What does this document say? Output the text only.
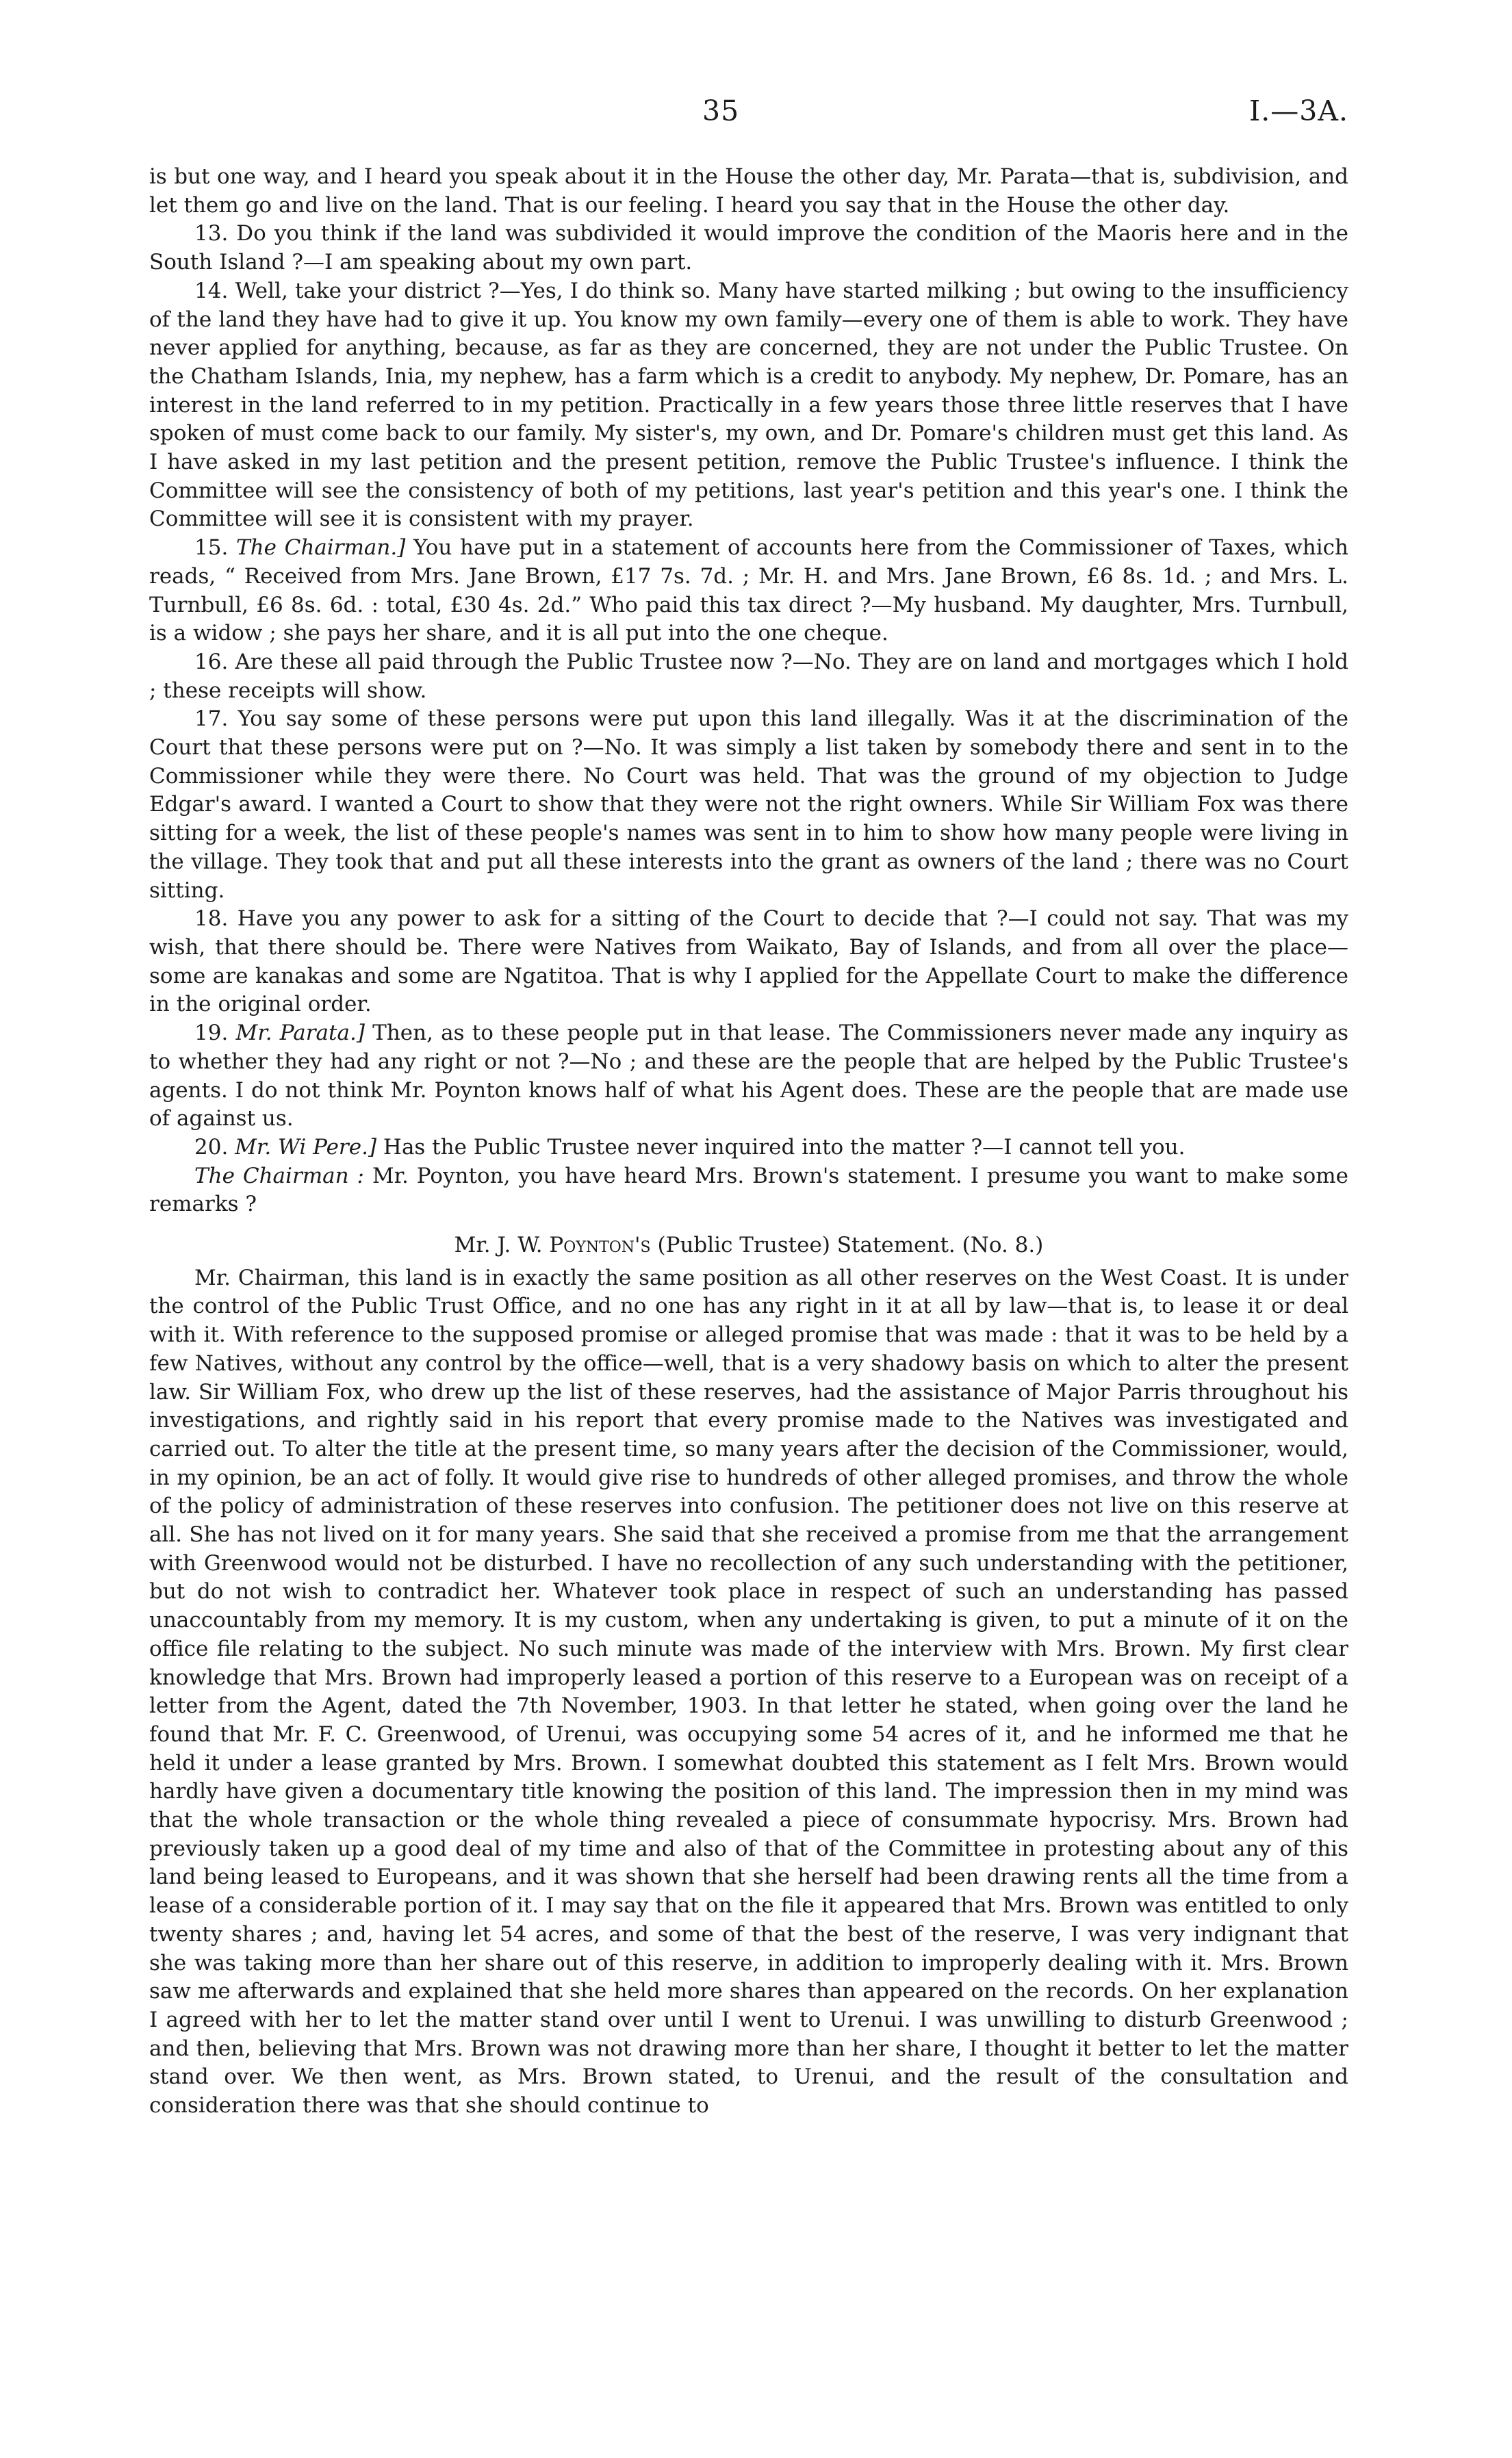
35	I.—3A.

is but one way, and I heard you speak about it in the House the other day, Mr. Parata—that is, subdivision, and let them go and live on the land. That is our feeling. I heard you say that in the House the other day.

13. Do you think if the land was subdivided it would improve the condition of the Maoris here and in the South Island ?—I am speaking about my own part.

14. Well, take your district ?—Yes, I do think so. Many have started milking ; but owing to the insufficiency of the land they have had to give it up. You know my own family—every one of them is able to work. They have never applied for anything, because, as far as they are concerned, they are not under the Public Trustee. On the Chatham Islands, Inia, my nephew, has a farm which is a credit to anybody. My nephew, Dr. Pomare, has an interest in the land referred to in my petition. Practically in a few years those three little reserves that I have spoken of must come back to our family. My sister's, my own, and Dr. Pomare's children must get this land. As I have asked in my last petition and the present petition, remove the Public Trustee's influence. I think the Committee will see the consistency of both of my petitions, last year's petition and this year's one. I think the Committee will see it is consistent with my prayer.

15. The Chairman.] You have put in a statement of accounts here from the Commissioner of Taxes, which reads, “ Received from Mrs. Jane Brown, £17 7s. 7d. ; Mr. H. and Mrs. Jane Brown, £6 8s. 1d. ; and Mrs. L. Turnbull, £6 8s. 6d. : total, £30 4s. 2d.” Who paid this tax direct ?—My husband. My daughter, Mrs. Turnbull, is a widow ; she pays her share, and it is all put into the one cheque.

16. Are these all paid through the Public Trustee now ?—No. They are on land and mortgages which I hold ; these receipts will show.

17. You say some of these persons were put upon this land illegally. Was it at the discrimination of the Court that these persons were put on ?—No. It was simply a list taken by somebody there and sent in to the Commissioner while they were there. No Court was held. That was the ground of my objection to Judge Edgar's award. I wanted a Court to show that they were not the right owners. While Sir William Fox was there sitting for a week, the list of these people's names was sent in to him to show how many people were living in the village. They took that and put all these interests into the grant as owners of the land ; there was no Court sitting.

18. Have you any power to ask for a sitting of the Court to decide that ?—I could not say. That was my wish, that there should be. There were Natives from Waikato, Bay of Islands, and from all over the place—some are kanakas and some are Ngatitoa. That is why I applied for the Appellate Court to make the difference in the original order.

19. Mr. Parata.] Then, as to these people put in that lease. The Commissioners never made any inquiry as to whether they had any right or not ?—No ; and these are the people that are helped by the Public Trustee's agents. I do not think Mr. Poynton knows half of what his Agent does. These are the people that are made use of against us.

20. Mr. Wi Pere.] Has the Public Trustee never inquired into the matter ?—I cannot tell you.

The Chairman : Mr. Poynton, you have heard Mrs. Brown's statement. I presume you want to make some remarks ?

Mr. J. W. Poynton's (Public Trustee) Statement. (No. 8.)

Mr. Chairman, this land is in exactly the same position as all other reserves on the West Coast. It is under the control of the Public Trust Office, and no one has any right in it at all by law—that is, to lease it or deal with it. With reference to the supposed promise or alleged promise that was made : that it was to be held by a few Natives, without any control by the office—well, that is a very shadowy basis on which to alter the present law. Sir William Fox, who drew up the list of these reserves, had the assistance of Major Parris throughout his investigations, and rightly said in his report that every promise made to the Natives was investigated and carried out. To alter the title at the present time, so many years after the decision of the Commissioner, would, in my opinion, be an act of folly. It would give rise to hundreds of other alleged promises, and throw the whole of the policy of administration of these reserves into confusion. The petitioner does not live on this reserve at all. She has not lived on it for many years. She said that she received a promise from me that the arrangement with Greenwood would not be disturbed. I have no recollection of any such understanding with the petitioner, but do not wish to contradict her. Whatever took place in respect of such an understanding has passed unaccountably from my memory. It is my custom, when any undertaking is given, to put a minute of it on the office file relating to the subject. No such minute was made of the interview with Mrs. Brown. My first clear knowledge that Mrs. Brown had improperly leased a portion of this reserve to a European was on receipt of a letter from the Agent, dated the 7th November, 1903. In that letter he stated, when going over the land he found that Mr. F. C. Greenwood, of Urenui, was occupying some 54 acres of it, and he informed me that he held it under a lease granted by Mrs. Brown. I somewhat doubted this statement as I felt Mrs. Brown would hardly have given a documentary title knowing the position of this land. The impression then in my mind was that the whole transaction or the whole thing revealed a piece of consummate hypocrisy. Mrs. Brown had previously taken up a good deal of my time and also of that of the Committee in protesting about any of this land being leased to Europeans, and it was shown that she herself had been drawing rents all the time from a lease of a considerable portion of it. I may say that on the file it appeared that Mrs. Brown was entitled to only twenty shares ; and, having let 54 acres, and some of that the best of the reserve, I was very indignant that she was taking more than her share out of this reserve, in addition to improperly dealing with it. Mrs. Brown saw me afterwards and explained that she held more shares than appeared on the records. On her explanation I agreed with her to let the matter stand over until I went to Urenui. I was unwilling to disturb Greenwood ; and then, believing that Mrs. Brown was not drawing more than her share, I thought it better to let the matter stand over. We then went, as Mrs. Brown stated, to Urenui, and the result of the consultation and consideration there was that she should continue to
